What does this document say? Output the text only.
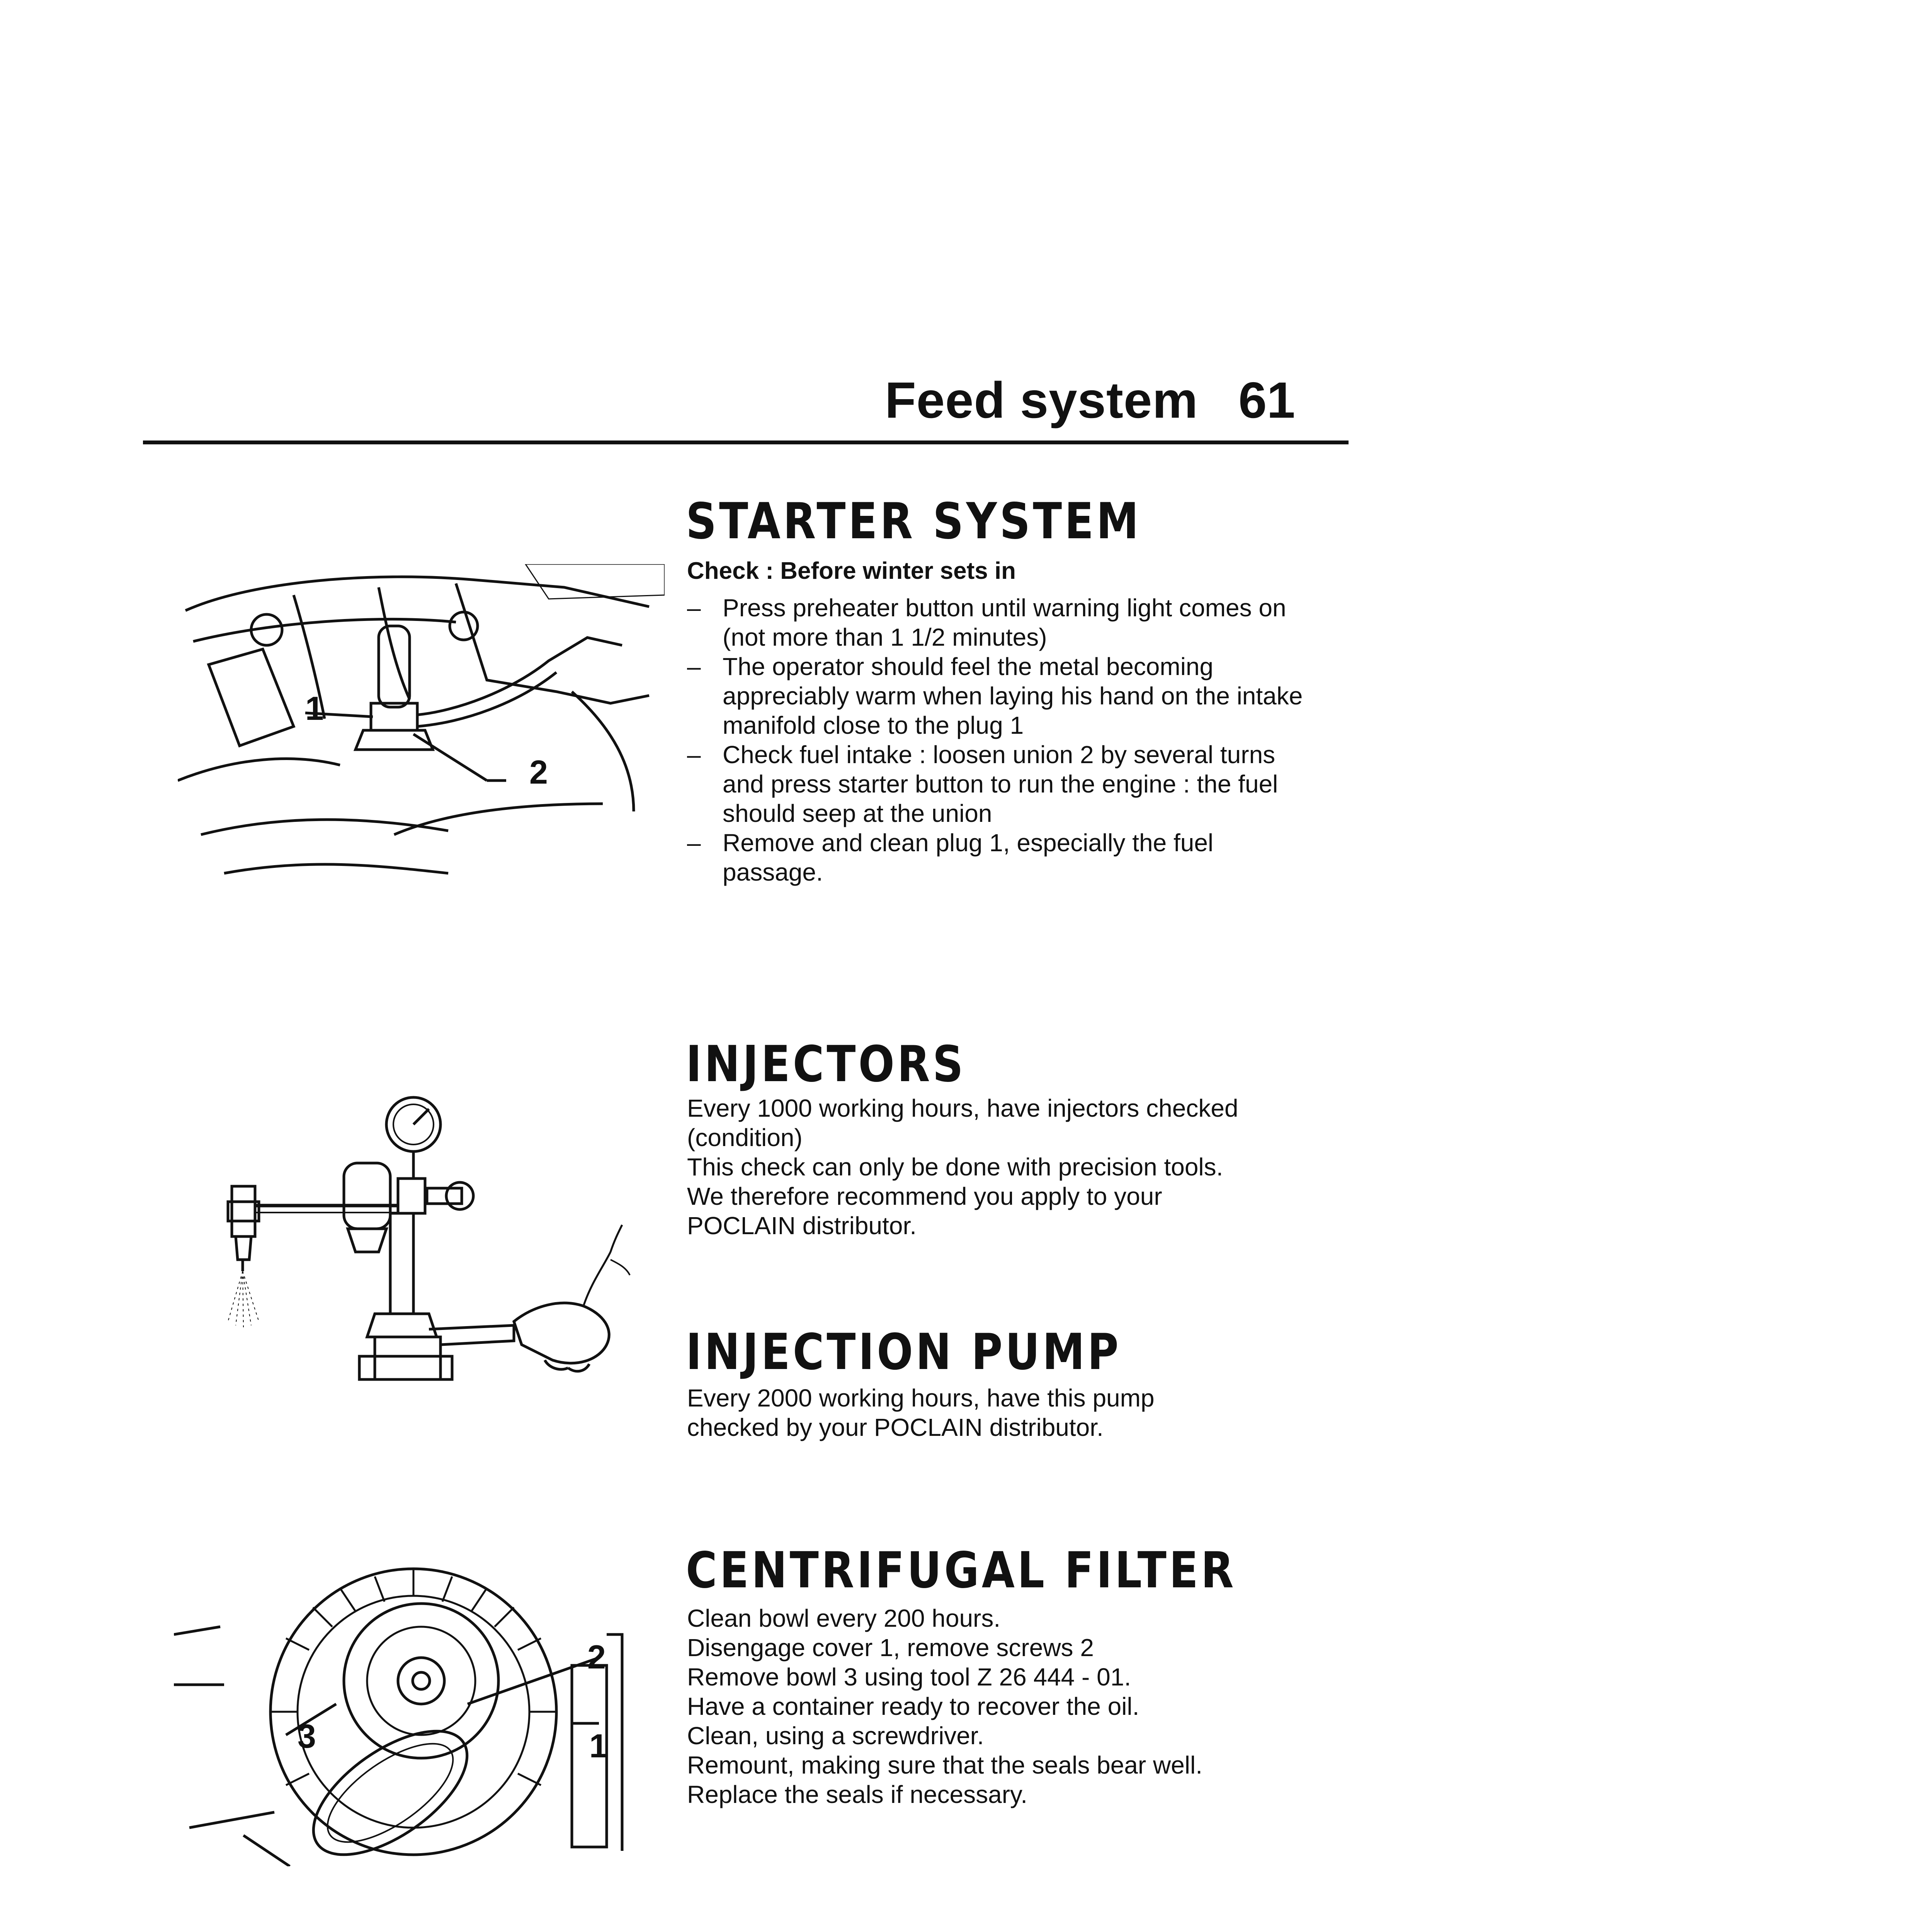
Feed system 61
STARTER SYSTEM
Check : Before winter sets in
– Press preheater button until warning light comes on (not more than 1 1/2 minutes)
– The operator should feel the metal becoming appreciably warm when laying his hand on the intake manifold close to the plug 1
– Check fuel intake : loosen union 2 by several turns and press starter button to run the engine : the fuel should seep at the union
– Remove and clean plug 1, especially the fuel passage.
1
2
INJECTORS
Every 1000 working hours, have injectors checked
(condition)
This check can only be done with precision tools.
We therefore recommend you apply to your
POCLAIN distributor.
INJECTION PUMP
Every 2000 working hours, have this pump
checked by your POCLAIN distributor.
CENTRIFUGAL FILTER
Clean bowl every 200 hours.
Disengage cover 1, remove screws 2
Remove bowl 3 using tool Z 26 444 - 01.
Have a container ready to recover the oil.
Clean, using a screwdriver.
Remount, making sure that the seals bear well.
Replace the seals if necessary.
2
3	1
